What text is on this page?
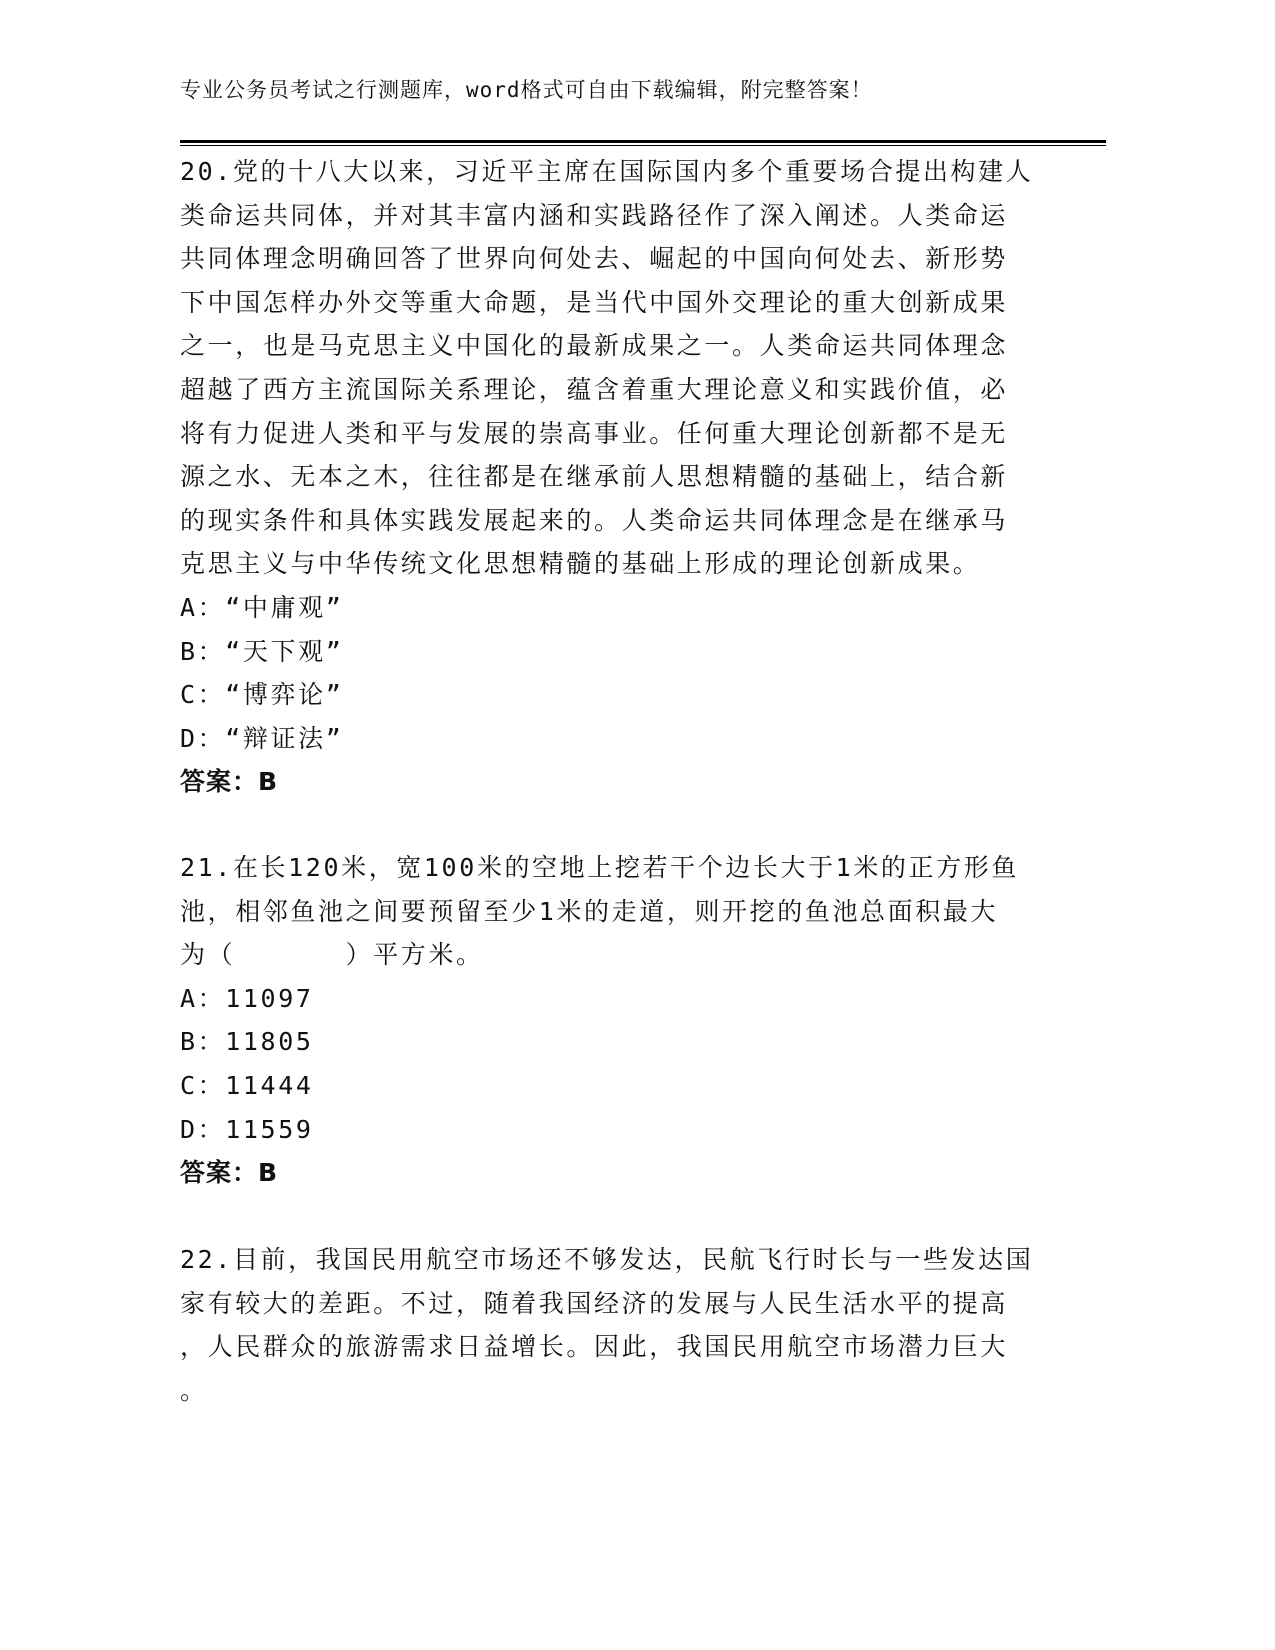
专业公务员考试之行测题库，word格式可自由下载编辑，附完整答案！
20.党的十八大以来，习近平主席在国际国内多个重要场合提出构建人
类命运共同体，并对其丰富内涵和实践路径作了深入阐述。人类命运
共同体理念明确回答了世界向何处去、崛起的中国向何处去、新形势
下中国怎样办外交等重大命题，是当代中国外交理论的重大创新成果
之一，也是马克思主义中国化的最新成果之一。人类命运共同体理念
超越了西方主流国际关系理论，蕴含着重大理论意义和实践价值，必
将有力促进人类和平与发展的崇高事业。任何重大理论创新都不是无
源之水、无本之木，往往都是在继承前人思想精髓的基础上，结合新
的现实条件和具体实践发展起来的。人类命运共同体理念是在继承马
克思主义与中华传统文化思想精髓的基础上形成的理论创新成果。
A：“中庸观”
B：“天下观”
C：“博弈论”
D：“辩证法”
答案：B
21.在长120米，宽100米的空地上挖若干个边长大于1米的正方形鱼
池，相邻鱼池之间要预留至少1米的走道，则开挖的鱼池总面积最大
为（　　　　）平方米。
A：11097
B：11805
C：11444
D：11559
答案：B
22.目前，我国民用航空市场还不够发达，民航飞行时长与一些发达国
家有较大的差距。不过，随着我国经济的发展与人民生活水平的提高
，人民群众的旅游需求日益增长。因此，我国民用航空市场潜力巨大
。
